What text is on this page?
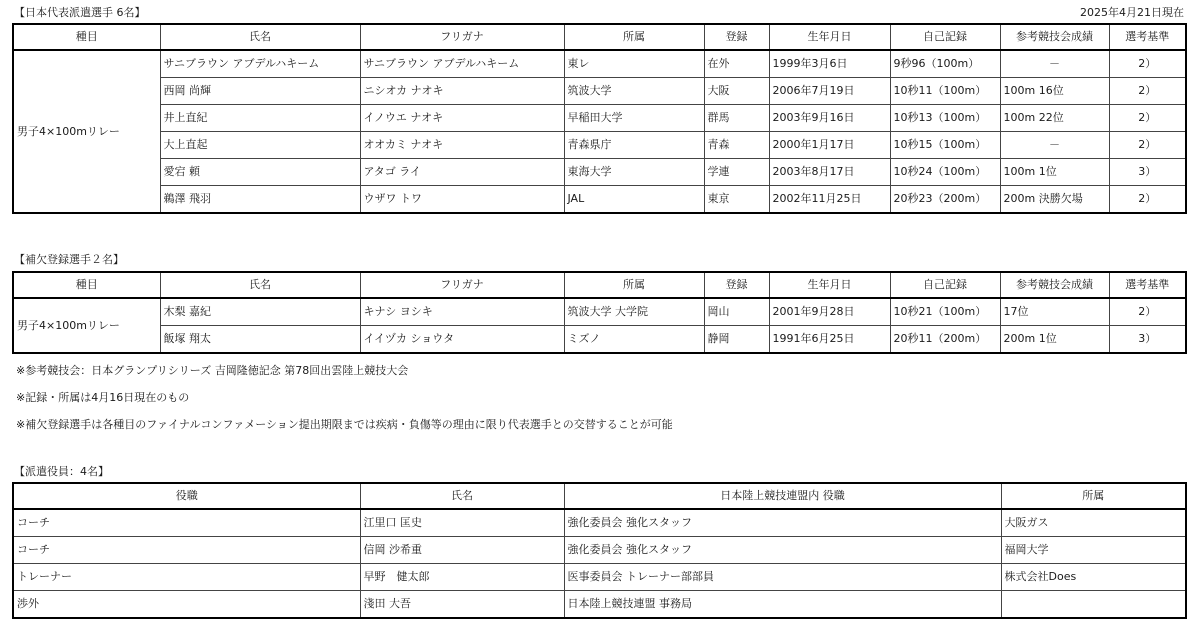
【日本代表派遣選手 6名】	2025年4月21日現在
種目	氏名	フリガナ	所属	登録	生年月日	自己記録	参考競技会成績	選考基準
男子4×100mリレー	サニブラウン アブデルハキーム	サニブラウン アブデルハキーム	東レ	在外	1999年3月6日	9秒96（100m）	－	2）
	西岡 尚輝	ニシオカ ナオキ	筑波大学	大阪	2006年7月19日	10秒11（100m）	100m 16位	2）
	井上直紀	イノウエ ナオキ	早稲田大学	群馬	2003年9月16日	10秒13（100m）	100m 22位	2）
	大上直起	オオカミ ナオキ	青森県庁	青森	2000年1月17日	10秒15（100m）	－	2）
	愛宕 頼	アタゴ ライ	東海大学	学連	2003年8月17日	10秒24（100m）	100m 1位	3）
	鵜澤 飛羽	ウザワ トワ	JAL	東京	2002年11月25日	20秒23（200m）	200m 決勝欠場	2）
【補欠登録選手２名】
種目	氏名	フリガナ	所属	登録	生年月日	自己記録	参考競技会成績	選考基準
男子4×100mリレー	木梨 嘉紀	キナシ ヨシキ	筑波大学 大学院	岡山	2001年9月28日	10秒21（100m）	17位	2）
	飯塚 翔太	イイヅカ ショウタ	ミズノ	静岡	1991年6月25日	20秒11（200m）	200m 1位	3）
※参考競技会：日本グランプリシリーズ 吉岡隆徳記念 第78回出雲陸上競技大会
※記録・所属は4月16日現在のもの
※補欠登録選手は各種目のファイナルコンファメーション提出期限までは疾病・負傷等の理由に限り代表選手との交替することが可能
【派遣役員：4名】
役職	氏名	日本陸上競技連盟内 役職	所属
コーチ	江里口 匡史	強化委員会 強化スタッフ	大阪ガス
コーチ	信岡 沙希重	強化委員会 強化スタッフ	福岡大学
トレーナー	早野　健太郎	医事委員会 トレーナー部部員	株式会社Does
渉外	淺田 大吾	日本陸上競技連盟 事務局	
